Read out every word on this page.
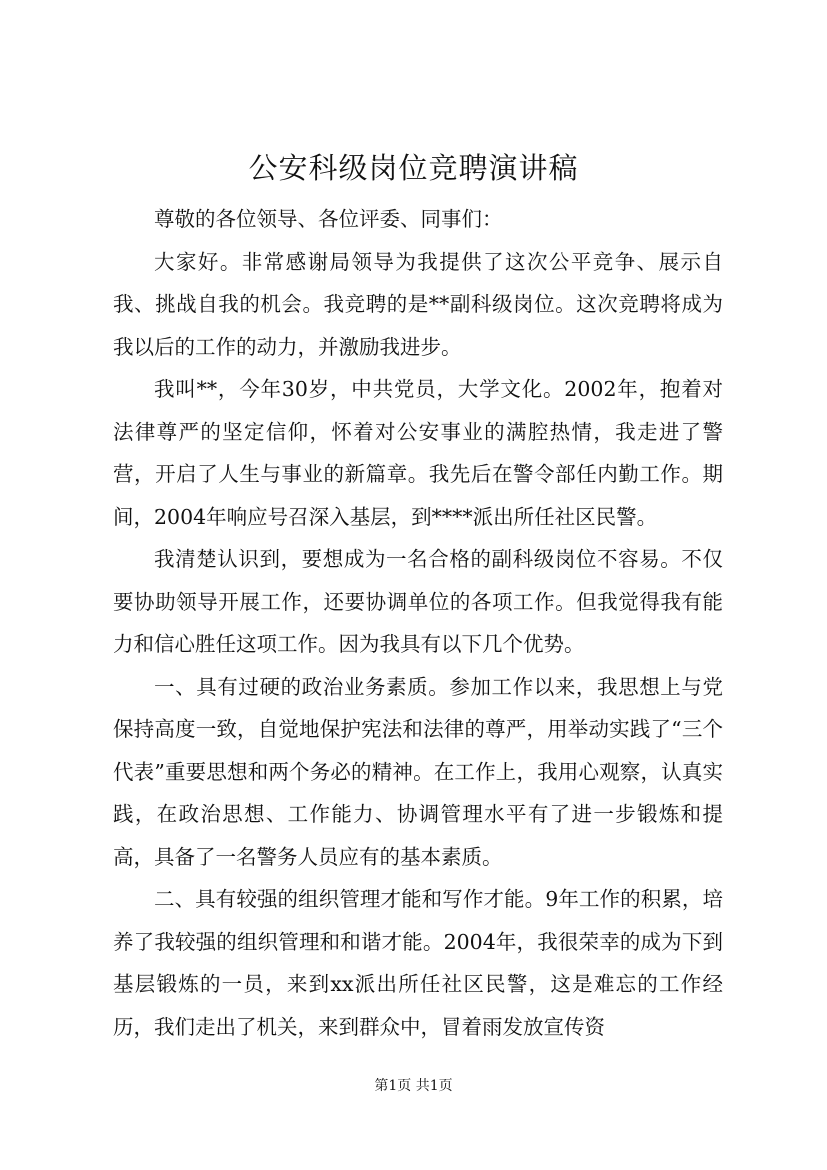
公安科级岗位竞聘演讲稿

尊敬的各位领导、各位评委、同事们：

大家好。非常感谢局领导为我提供了这次公平竞争、展示自我、挑战自我的机会。我竞聘的是**副科级岗位。这次竞聘将成为我以后的工作的动力，并激励我进步。

我叫**，今年30岁，中共党员，大学文化。2002年，抱着对法律尊严的坚定信仰，怀着对公安事业的满腔热情，我走进了警营，开启了人生与事业的新篇章。我先后在警令部任内勤工作。期间，2004年响应号召深入基层，到****派出所任社区民警。

我清楚认识到，要想成为一名合格的副科级岗位不容易。不仅要协助领导开展工作，还要协调单位的各项工作。但我觉得我有能力和信心胜任这项工作。因为我具有以下几个优势。

一、具有过硬的政治业务素质。参加工作以来，我思想上与党保持高度一致，自觉地保护宪法和法律的尊严，用举动实践了“三个代表”重要思想和两个务必的精神。在工作上，我用心观察，认真实践，在政治思想、工作能力、协调管理水平有了进一步锻炼和提高，具备了一名警务人员应有的基本素质。

二、具有较强的组织管理才能和写作才能。9年工作的积累，培养了我较强的组织管理和和谐才能。2004年，我很荣幸的成为下到基层锻炼的一员，来到xx派出所任社区民警，这是难忘的工作经历，我们走出了机关，来到群众中，冒着雨发放宣传资

第1页 共1页
